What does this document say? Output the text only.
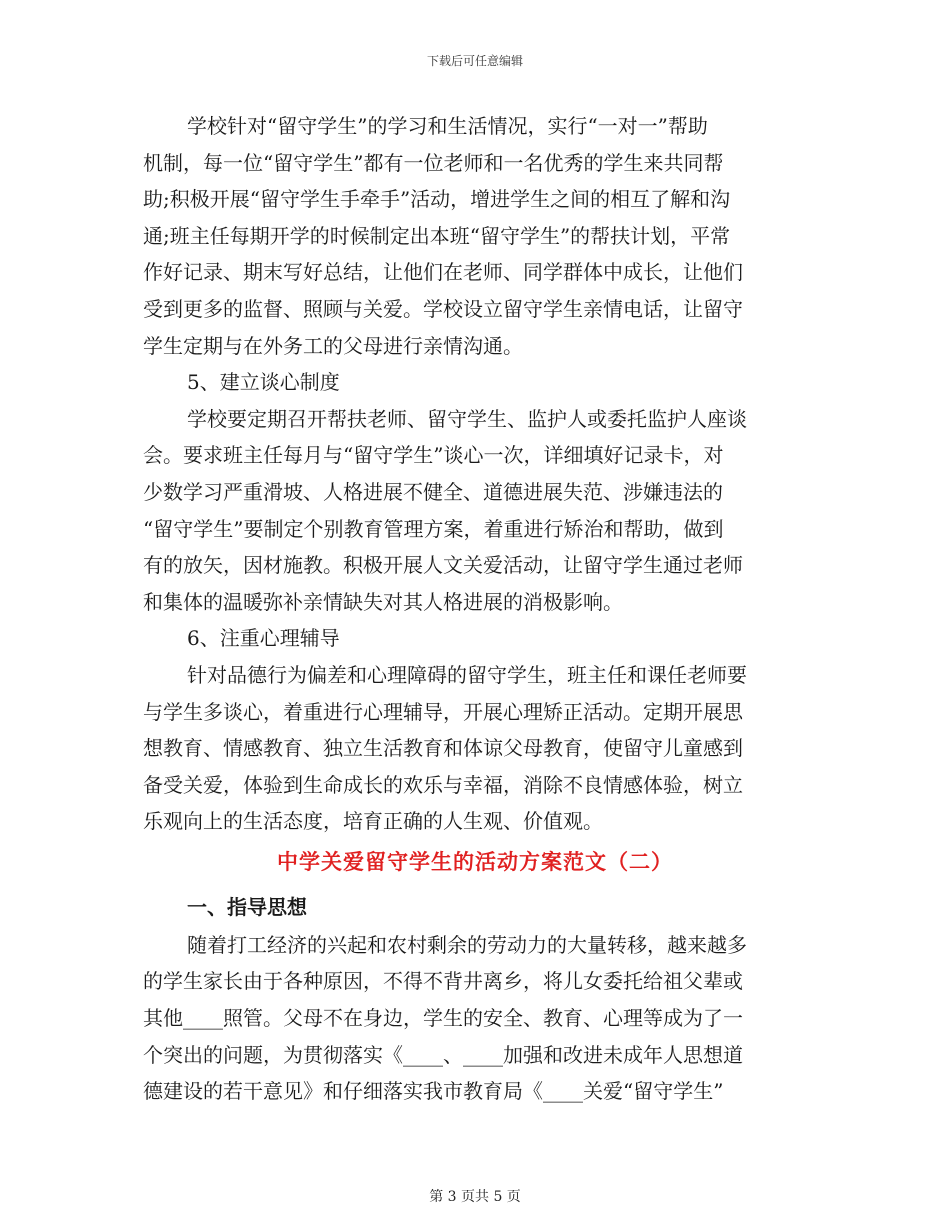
下载后可任意编辑
学校针对“留守学生”的学习和生活情况，实行“一对一”帮助
机制，每一位“留守学生”都有一位老师和一名优秀的学生来共同帮
助;积极开展“留守学生手牵手”活动，增进学生之间的相互了解和沟
通;班主任每期开学的时候制定出本班“留守学生”的帮扶计划，平常
作好记录、期末写好总结，让他们在老师、同学群体中成长，让他们
受到更多的监督、照顾与关爱。学校设立留守学生亲情电话，让留守
学生定期与在外务工的父母进行亲情沟通。
5、建立谈心制度
学校要定期召开帮扶老师、留守学生、监护人或委托监护人座谈
会。要求班主任每月与“留守学生”谈心一次，详细填好记录卡，对
少数学习严重滑坡、人格进展不健全、道德进展失范、涉嫌违法的
“留守学生”要制定个别教育管理方案，着重进行矫治和帮助，做到
有的放矢，因材施教。积极开展人文关爱活动，让留守学生通过老师
和集体的温暖弥补亲情缺失对其人格进展的消极影响。
6、注重心理辅导
针对品德行为偏差和心理障碍的留守学生，班主任和课任老师要
与学生多谈心，着重进行心理辅导，开展心理矫正活动。定期开展思
想教育、情感教育、独立生活教育和体谅父母教育，使留守儿童感到
备受关爱，体验到生命成长的欢乐与幸福，消除不良情感体验，树立
乐观向上的生活态度，培育正确的人生观、价值观。
中学关爱留守学生的活动方案范文（二）
一、指导思想
随着打工经济的兴起和农村剩余的劳动力的大量转移，越来越多
的学生家长由于各种原因，不得不背井离乡，将儿女委托给祖父辈或
其他____照管。父母不在身边，学生的安全、教育、心理等成为了一
个突出的问题，为贯彻落实《____、____加强和改进未成年人思想道
德建设的若干意见》和仔细落实我市教育局《____关爱“留守学生”
第 3 页共 5 页
